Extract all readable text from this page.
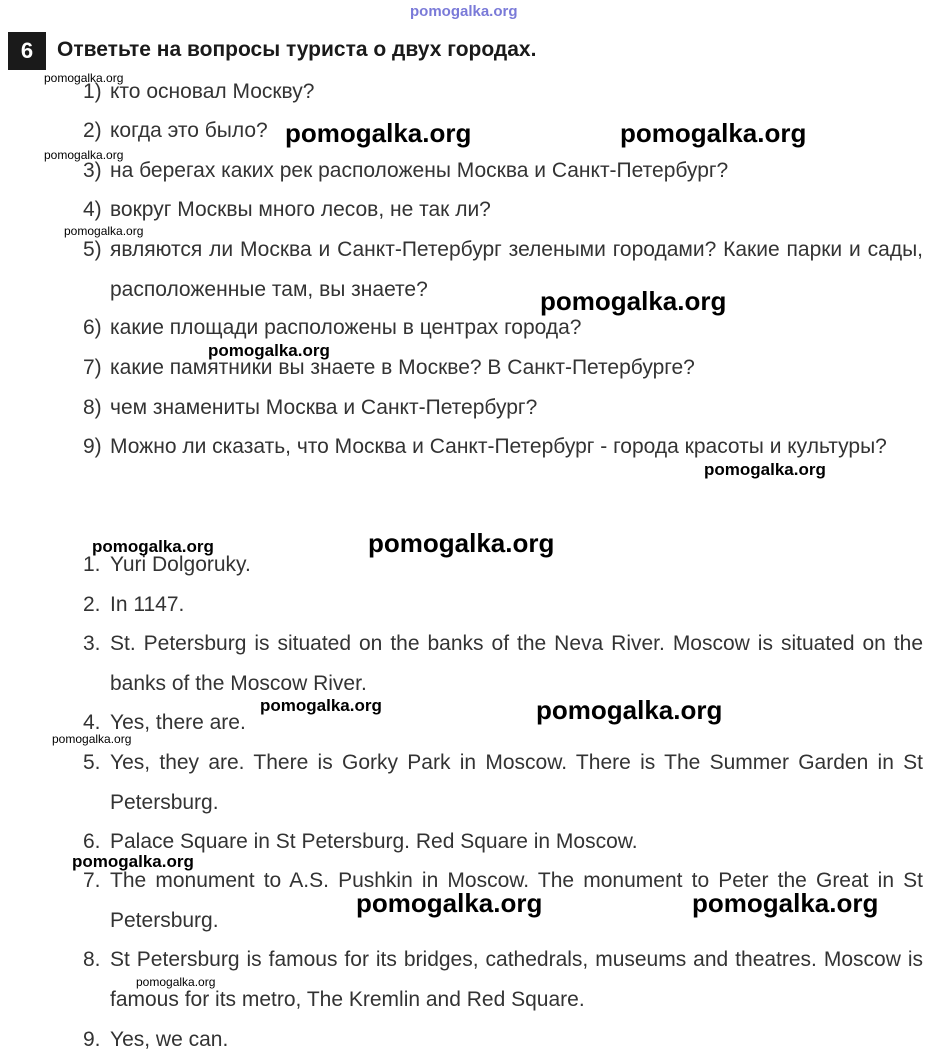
pomogalka.org
6	Ответьте на вопросы туриста о двух городах.
1) кто основал Москву?
2) когда это было?
3) на берегах каких рек расположены Москва и Санкт-Петербург?
4) вокруг Москвы много лесов, не так ли?
5) являются ли Москва и Санкт-Петербург зелеными городами? Какие парки и сады, расположенные там, вы знаете?
6) какие площади расположены в центрах города?
7) какие памятники вы знаете в Москве? В Санкт-Петербурге?
8) чем знамениты Москва и Санкт-Петербург?
9) Можно ли сказать, что Москва и Санкт-Петербург - города красоты и культуры?
1. Yuri Dolgoruky.
2. In 1147.
3. St. Petersburg is situated on the banks of the Neva River. Moscow is situated on the banks of the Moscow River.
4. Yes, there are.
5. Yes, they are. There is Gorky Park in Moscow. There is The Summer Garden in St Petersburg.
6. Palace Square in St Petersburg. Red Square in Moscow.
7. The monument to A.S. Pushkin in Moscow. The monument to Peter the Great in St Petersburg.
8. St Petersburg is famous for its bridges, cathedrals, museums and theatres. Moscow is famous for its metro, The Kremlin and Red Square.
9. Yes, we can.
pomogalka.org
pomogalka.org	pomogalka.org
pomogalka.org
pomogalka.org
pomogalka.org
pomogalka.org
pomogalka.org
pomogalka.org	pomogalka.org
pomogalka.org	pomogalka.org
pomogalka.org
pomogalka.org
pomogalka.org	pomogalka.org
pomogalka.org
